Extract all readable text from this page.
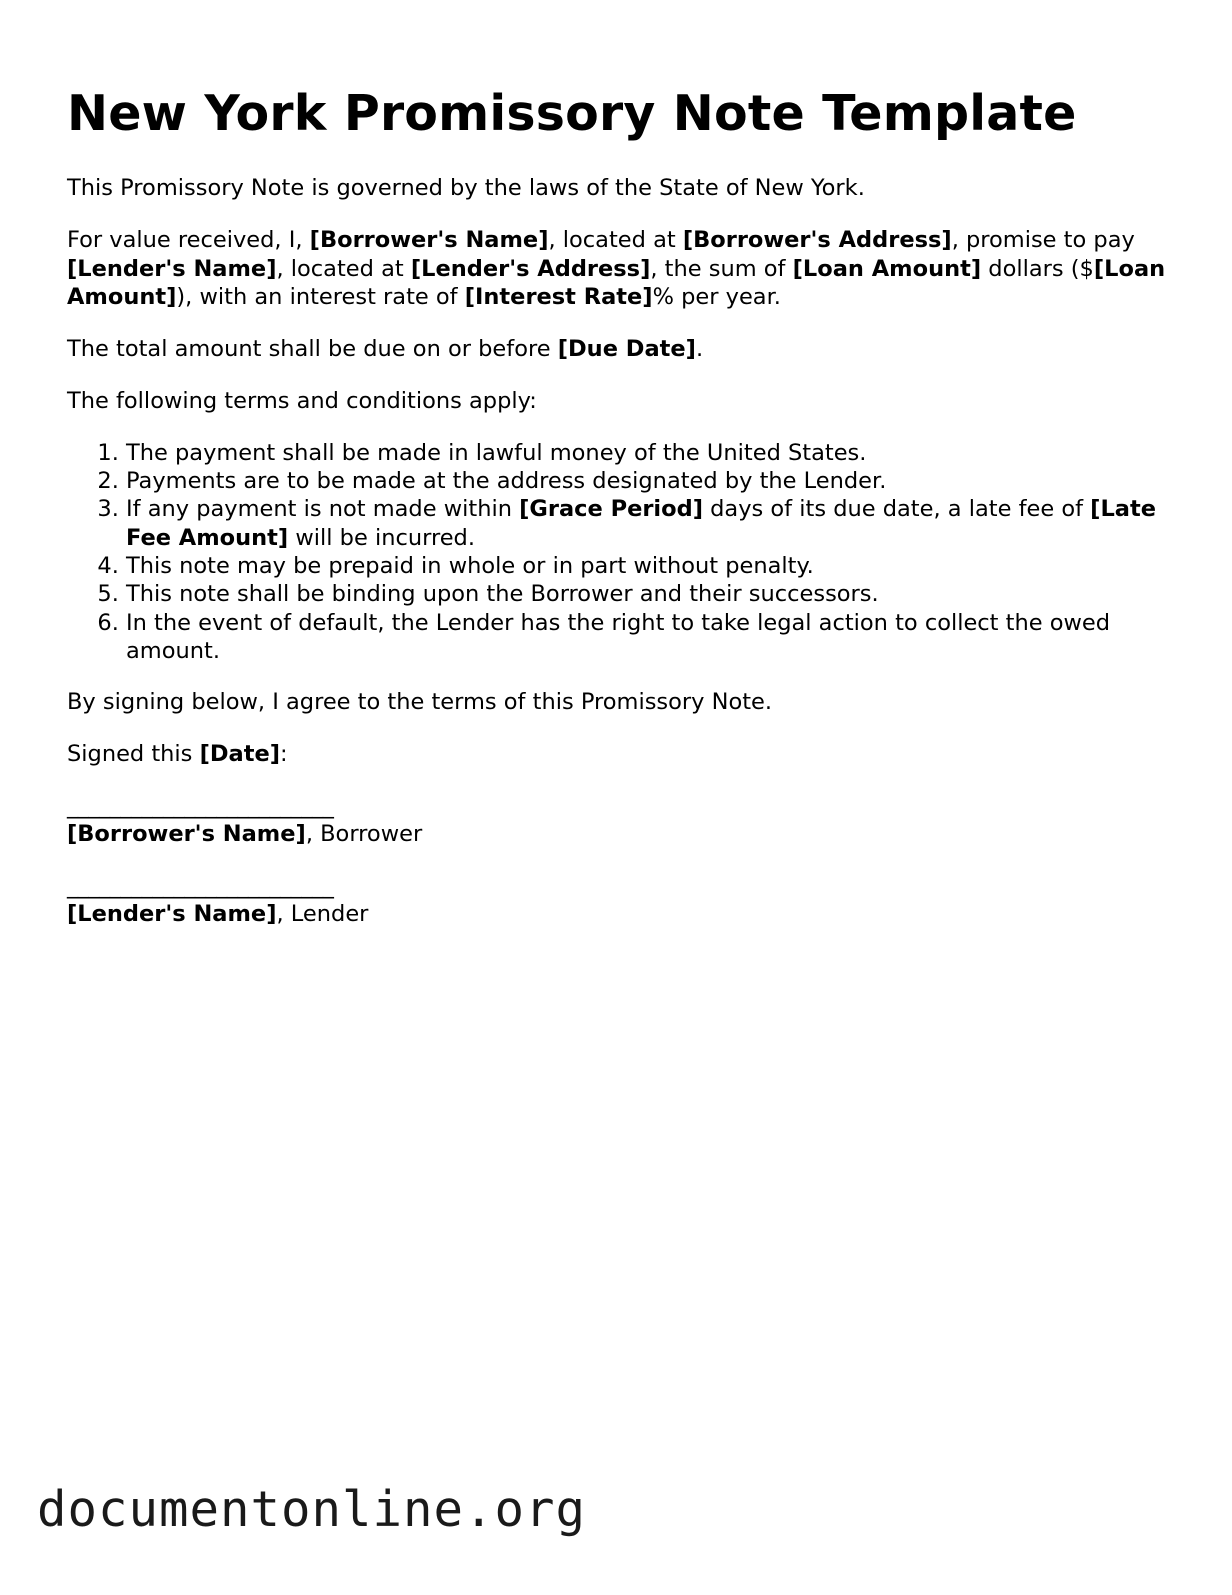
New York Promissory Note Template

This Promissory Note is governed by the laws of the State of New York.

For value received, I, [Borrower's Name], located at [Borrower's Address], promise to pay [Lender's Name], located at [Lender's Address], the sum of [Loan Amount] dollars ($[Loan Amount]), with an interest rate of [Interest Rate]% per year.

The total amount shall be due on or before [Due Date].

The following terms and conditions apply:

1. The payment shall be made in lawful money of the United States.
2. Payments are to be made at the address designated by the Lender.
3. If any payment is not made within [Grace Period] days of its due date, a late fee of [Late Fee Amount] will be incurred.
4. This note may be prepaid in whole or in part without penalty.
5. This note shall be binding upon the Borrower and their successors.
6. In the event of default, the Lender has the right to take legal action to collect the owed amount.

By signing below, I agree to the terms of this Promissory Note.

Signed this [Date]:

_________________________
[Borrower's Name], Borrower
_________________________
[Lender's Name], Lender
documentonline.org
